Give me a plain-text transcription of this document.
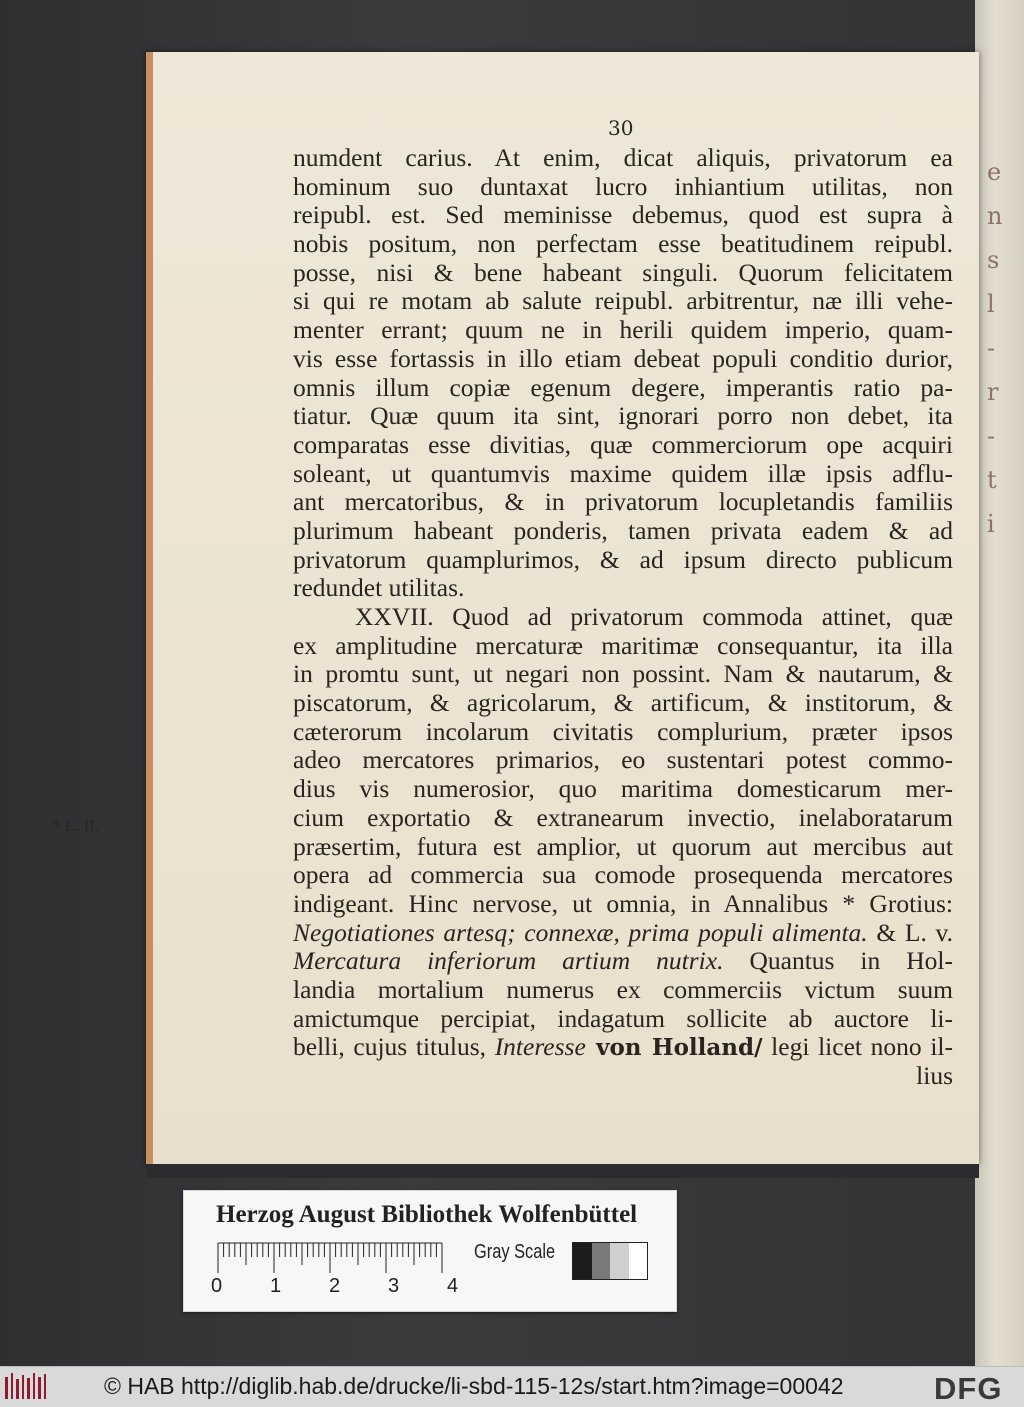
e
n
s
l
-
r
-
t
i
30
numdent carius. At enim, dicat aliquis, privatorum ea
hominum suo duntaxat lucro inhiantium utilitas, non
reipubl. est. Sed meminisse debemus, quod est supra à
nobis positum, non perfectam esse beatitudinem reipubl.
posse, nisi & bene habeant singuli. Quorum felicitatem
si qui re motam ab salute reipubl. arbitrentur, næ illi vehe-
menter errant; quum ne in herili quidem imperio, quam-
vis esse fortassis in illo etiam debeat populi conditio durior,
omnis illum copiæ egenum degere, imperantis ratio pa-
tiatur. Quæ quum ita sint, ignorari porro non debet, ita
comparatas esse divitias, quæ commerciorum ope acquiri
soleant, ut quantumvis maxime quidem illæ ipsis adflu-
ant mercatoribus, & in privatorum locupletandis familiis
plurimum habeant ponderis, tamen privata eadem & ad
privatorum quamplurimos, & ad ipsum directo publicum
redundet utilitas.
XXVII. Quod ad privatorum commoda attinet, quæ
ex amplitudine mercaturæ maritimæ consequantur, ita illa
in promtu sunt, ut negari non possint. Nam & nautarum, &
piscatorum, & agricolarum, & artificum, & institorum, &
cæterorum incolarum civitatis complurium, præter ipsos
adeo mercatores primarios, eo sustentari potest commo-
dius vis numerosior, quo maritima domesticarum mer-
cium exportatio & extranearum invectio, inelaboratarum
præsertim, futura est amplior, ut quorum aut mercibus aut
opera ad commercia sua comode prosequenda mercatores
indigeant. Hinc nervose, ut omnia, in Annalibus * Grotius:
Negotiationes artesq; connexæ, prima populi alimenta. & L. v.
Mercatura inferiorum artium nutrix. Quantus in Hol-
landia mortalium numerus ex commerciis victum suum
amictumque percipiat, indagatum sollicite ab auctore li-
belli, cujus titulus, Interesse von Holland/ legi licet nono il-
lius
* L. II.
Herzog August Bibliothek Wolfenbüttel
0 1 2 3 4
Gray Scale
© HAB http://diglib.hab.de/drucke/li-sbd-115-12s/start.htm?image=00042	DFG
